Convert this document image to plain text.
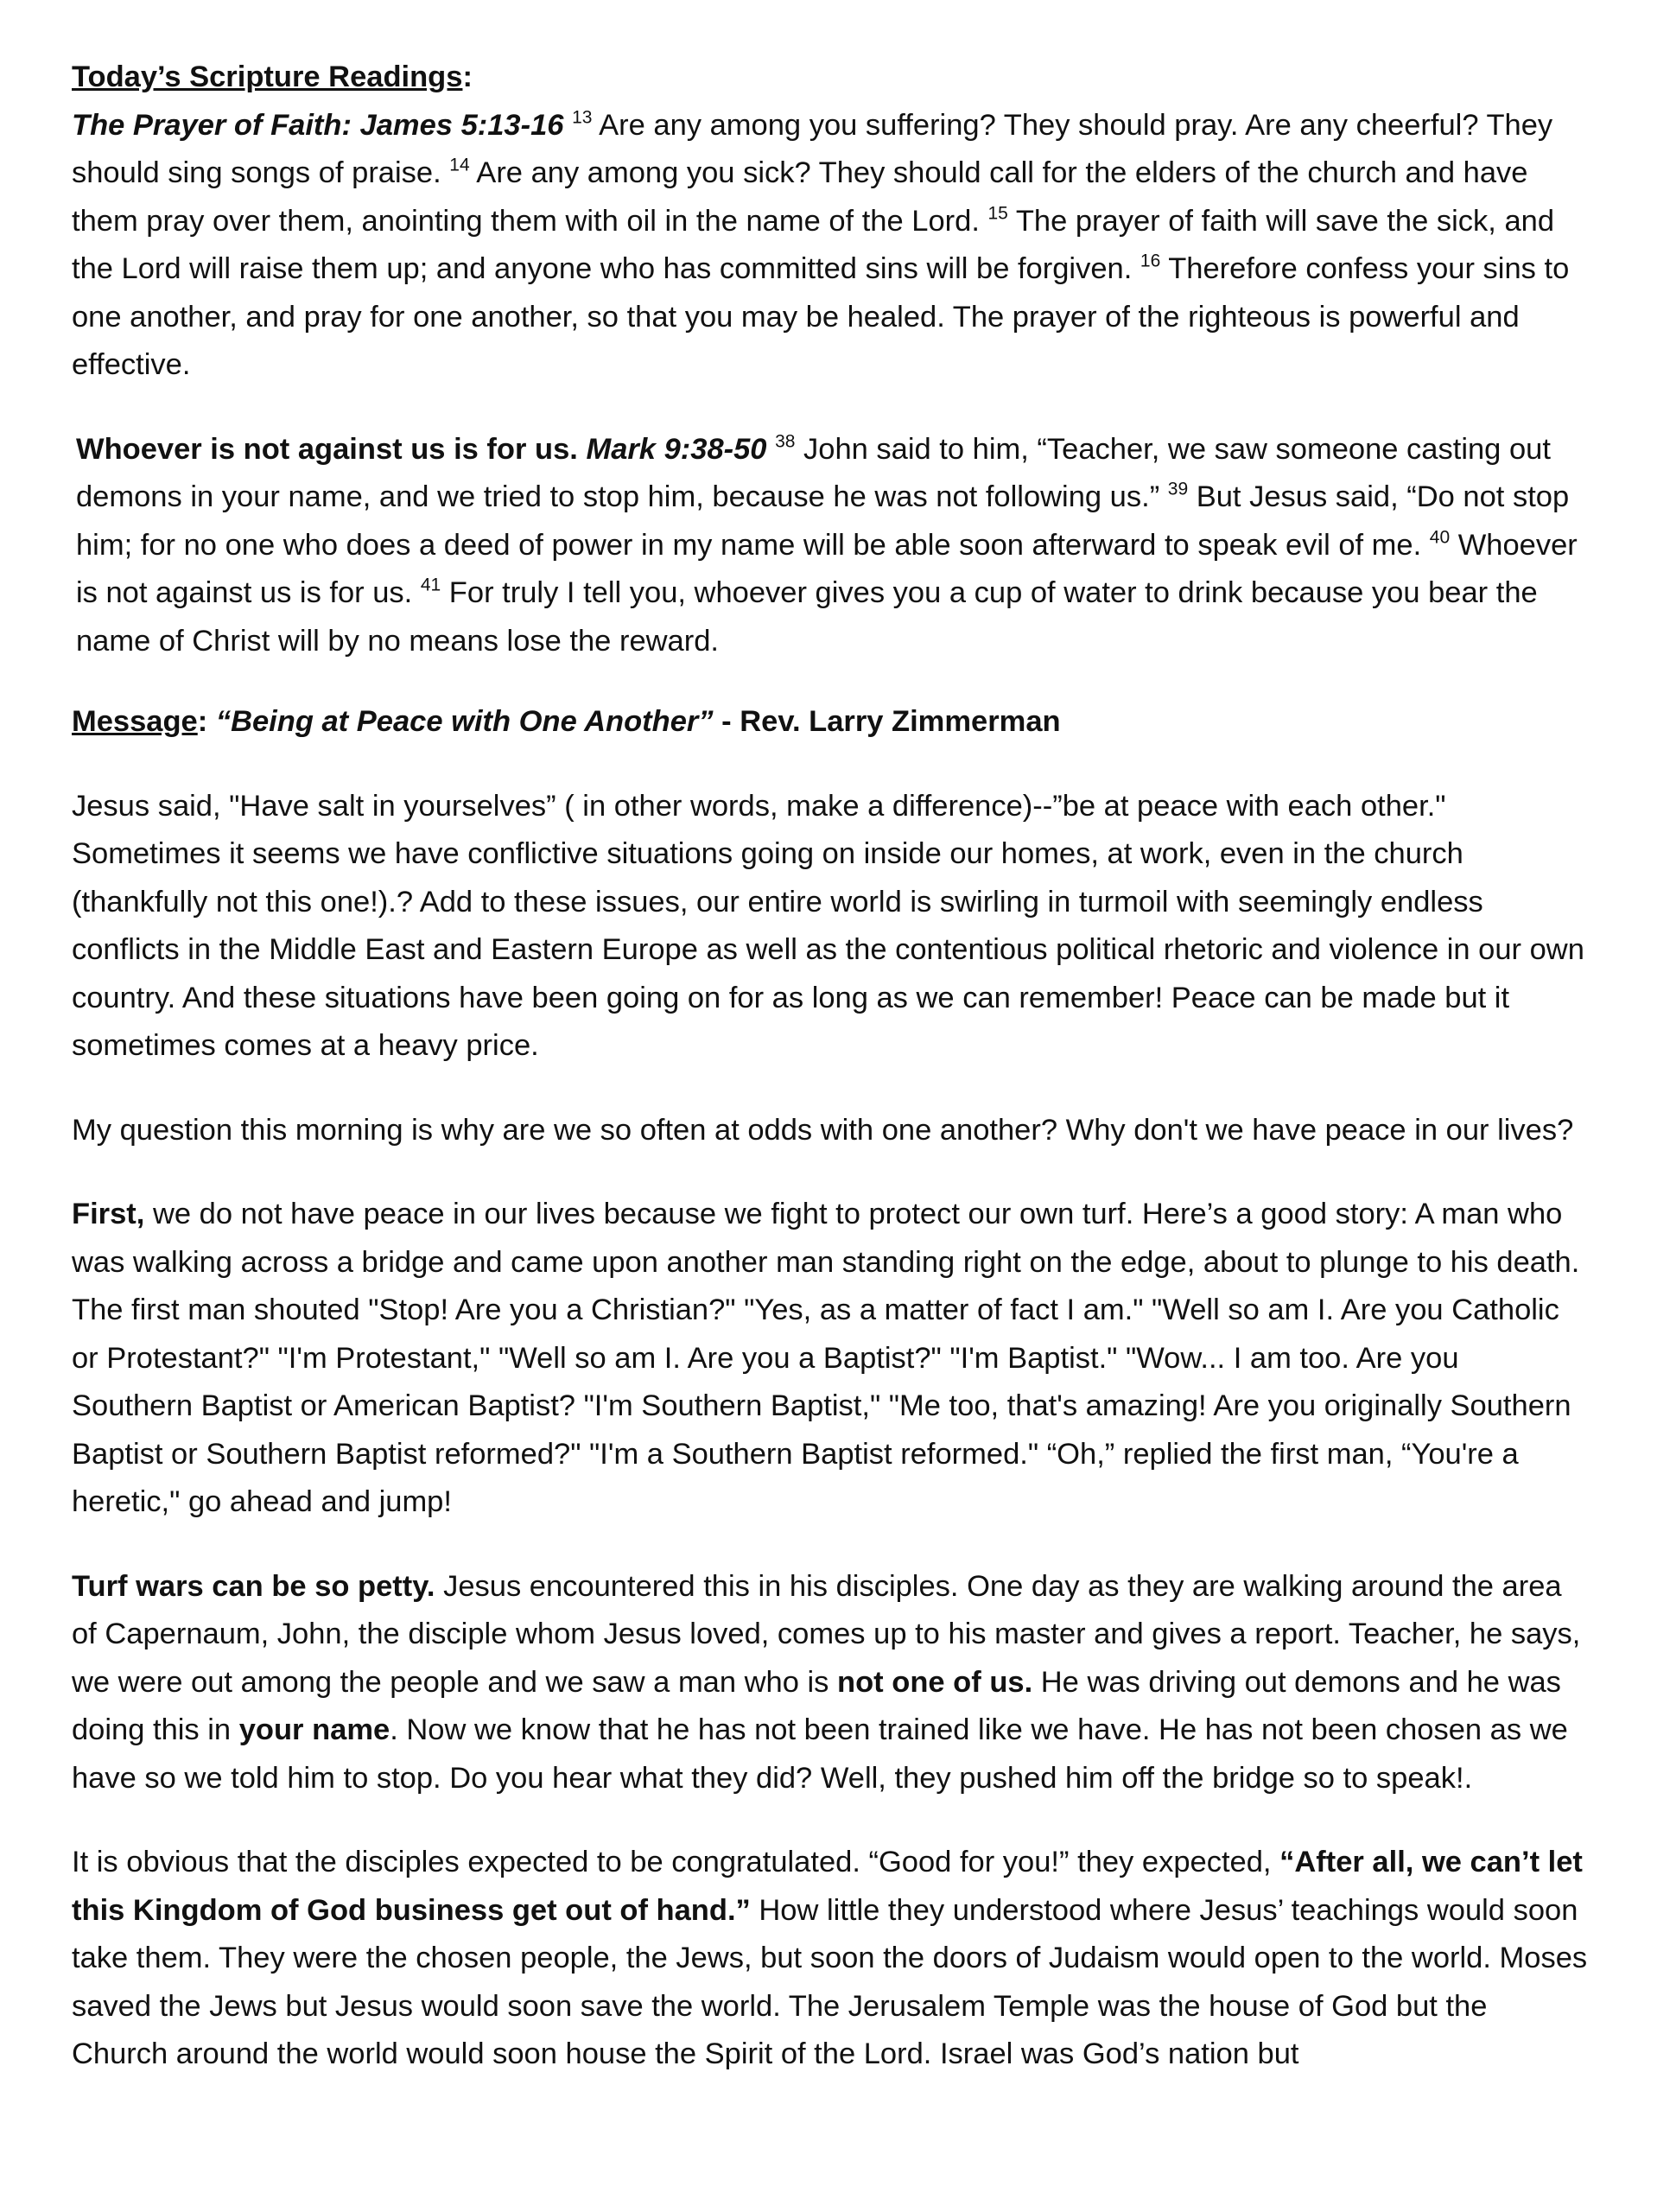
Today’s Scripture Readings:

The Prayer of Faith: James 5:13-16 $^{13}$ Are any among you suffering? They should pray. Are any cheerful? They should sing songs of praise. $^{14}$ Are any among you sick? They should call for the elders of the church and have them pray over them, anointing them with oil in the name of the Lord. $^{15}$ The prayer of faith will save the sick, and the Lord will raise them up; and anyone who has committed sins will be forgiven. $^{16}$ Therefore confess your sins to one another, and pray for one another, so that you may be healed. The prayer of the righteous is powerful and effective.

Whoever is not against us is for us. Mark 9:38-50 $^{38}$ John said to him, “Teacher, we saw someone casting out demons in your name, and we tried to stop him, because he was not following us.” $^{39}$ But Jesus said, “Do not stop him; for no one who does a deed of power in my name will be able soon afterward to speak evil of me. $^{40}$ Whoever is not against us is for us. $^{41}$ For truly I tell you, whoever gives you a cup of water to drink because you bear the name of Christ will by no means lose the reward.

Message: “Being at Peace with One Another” - Rev. Larry Zimmerman

Jesus said, "Have salt in yourselves” ( in other words, make a difference)--”be at peace with each other." Sometimes it seems we have conflictive situations going on inside our homes, at work, even in the church (thankfully not this one!).? Add to these issues, our entire world is swirling in turmoil with seemingly endless conflicts in the Middle East and Eastern Europe as well as the contentious political rhetoric and violence in our own country. And these situations have been going on for as long as we can remember! Peace can be made but it sometimes comes at a heavy price.

My question this morning is why are we so often at odds with one another? Why don't we have peace in our lives?

First, we do not have peace in our lives because we fight to protect our own turf. Here’s a good story: A man who was walking across a bridge and came upon another man standing right on the edge, about to plunge to his death. The first man shouted "Stop! Are you a Christian?" "Yes, as a matter of fact I am." "Well so am I. Are you Catholic or Protestant?" "I'm Protestant," "Well so am I. Are you a Baptist?" "I'm Baptist." "Wow... I am too. Are you Southern Baptist or American Baptist? "I'm Southern Baptist," "Me too, that's amazing! Are you originally Southern Baptist or Southern Baptist reformed?" "I'm a Southern Baptist reformed." “Oh,” replied the first man, “You're a heretic," go ahead and jump!

Turf wars can be so petty. Jesus encountered this in his disciples. One day as they are walking around the area of Capernaum, John, the disciple whom Jesus loved, comes up to his master and gives a report. Teacher, he says, we were out among the people and we saw a man who is not one of us. He was driving out demons and he was doing this in your name. Now we know that he has not been trained like we have. He has not been chosen as we have so we told him to stop. Do you hear what they did? Well, they pushed him off the bridge so to speak!.

It is obvious that the disciples expected to be congratulated. “Good for you!” they expected, “After all, we can’t let this Kingdom of God business get out of hand.” How little they understood where Jesus’ teachings would soon take them. They were the chosen people, the Jews, but soon the doors of Judaism would open to the world. Moses saved the Jews but Jesus would soon save the world. The Jerusalem Temple was the house of God but the Church around the world would soon house the Spirit of the Lord. Israel was God’s nation but
